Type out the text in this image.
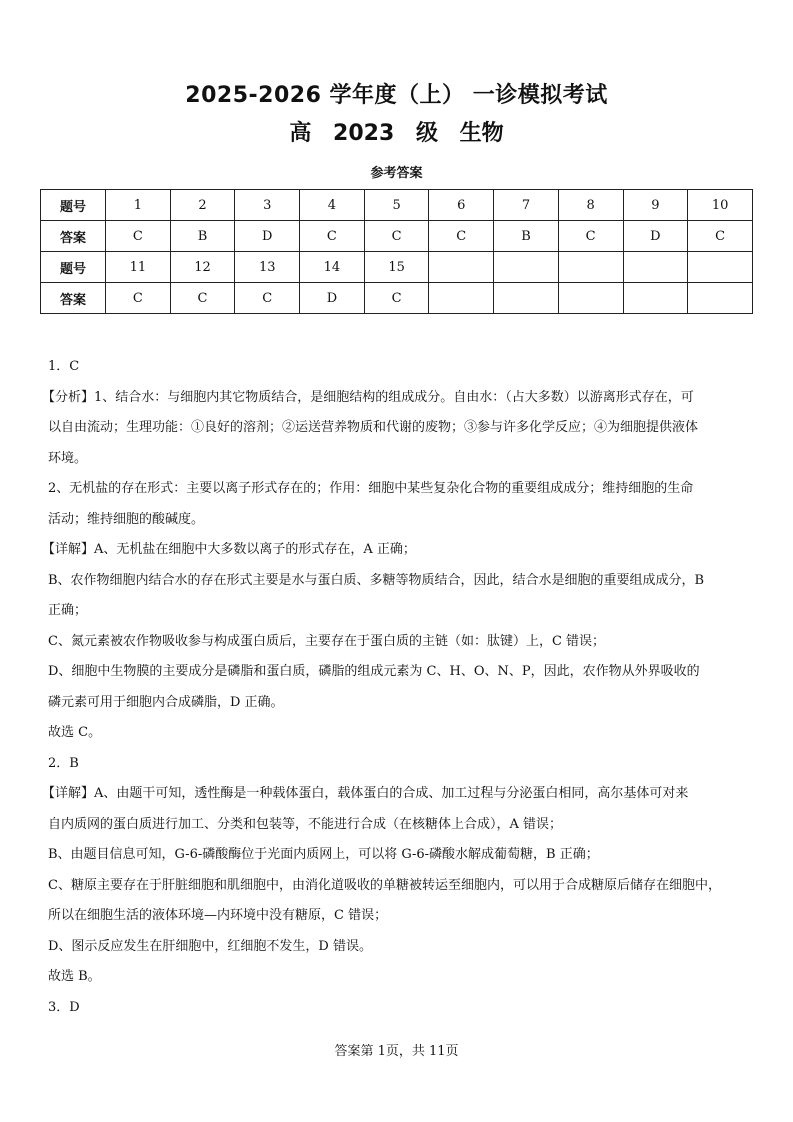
2025-2026 学年度（上） 一诊模拟考试
高 2023 级 生物
参考答案
题号	1	2	3	4	5	6	7	8	9	10
答案	C	B	D	C	C	C	B	C	D	C
题号	11	12	13	14	15					
答案	C	C	C	D	C					

1．C

【分析】1、结合水：与细胞内其它物质结合，是细胞结构的组成成分。自由水：（占大多数）以游离形式存在，可

以自由流动；生理功能：①良好的溶剂；②运送营养物质和代谢的废物；③参与许多化学反应；④为细胞提供液体

环境。

2、无机盐的存在形式：主要以离子形式存在的；作用：细胞中某些复杂化合物的重要组成成分；维持细胞的生命

活动；维持细胞的酸碱度。

【详解】A、无机盐在细胞中大多数以离子的形式存在，A 正确；

B、农作物细胞内结合水的存在形式主要是水与蛋白质、多糖等物质结合，因此，结合水是细胞的重要组成成分，B

正确；

C、氮元素被农作物吸收参与构成蛋白质后，主要存在于蛋白质的主链（如：肽键）上，C 错误；

D、细胞中生物膜的主要成分是磷脂和蛋白质，磷脂的组成元素为 C、H、O、N、P，因此，农作物从外界吸收的

磷元素可用于细胞内合成磷脂，D 正确。

故选 C。

2．B

【详解】A、由题干可知，透性酶是一种载体蛋白，载体蛋白的合成、加工过程与分泌蛋白相同，高尔基体可对来

自内质网的蛋白质进行加工、分类和包装等，不能进行合成（在核糖体上合成），A 错误；

B、由题目信息可知，G-6-磷酸酶位于光面内质网上，可以将 G-6-磷酸水解成葡萄糖，B 正确；

C、糖原主要存在于肝脏细胞和肌细胞中，由消化道吸收的单糖被转运至细胞内，可以用于合成糖原后储存在细胞中，

所以在细胞生活的液体环境—内环境中没有糖原，C 错误；

D、图示反应发生在肝细胞中，红细胞不发生，D 错误。

故选 B。

3．D

答案第 1页，共 11页
